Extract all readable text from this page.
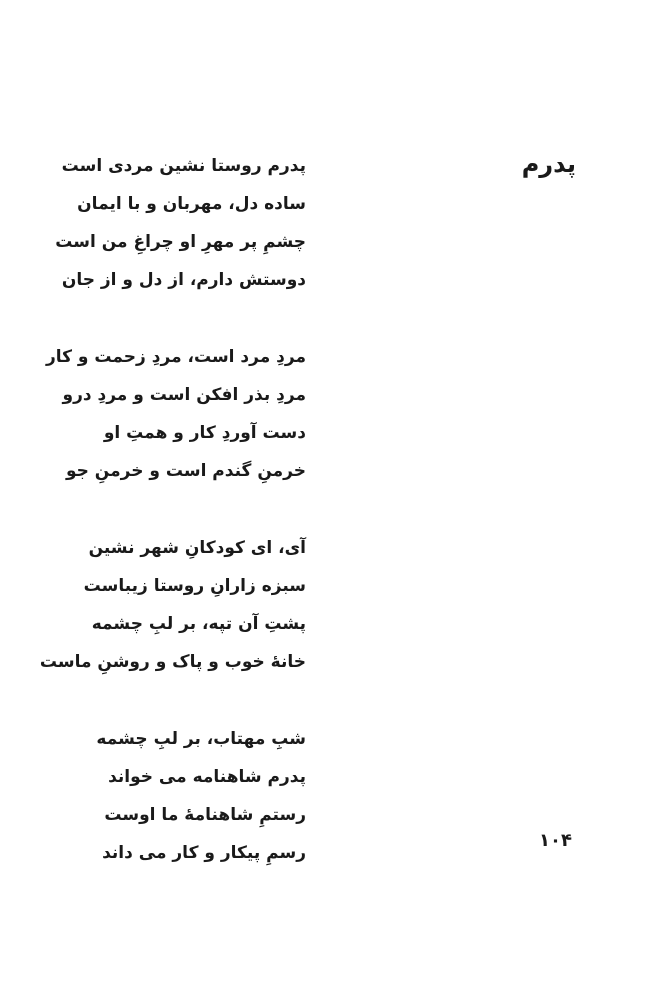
پدرم
پدرم روستا نشین مردی است
ساده دل، مهربان و با ایمان
چشمِ پر مهرِ او چراغِ من است
دوستش دارم، از دل و از جان
مردِ مرد است، مردِ زحمت و کار
مردِ بذر افکن است و مردِ درو
دست آوردِ کار و همتِ او
خرمنِ گندم است و خرمنِ جو
آی، ای کودکانِ شهر نشین
سبزه زارانِ روستا زیباست
پشتِ آن تپه، بر لبِ چشمه
خانهٔ خوب و پاک و روشنِ ماست
شبِ مهتاب، بر لبِ چشمه
پدرم شاهنامه می خواند
رستمِ شاهنامهٔ ما اوست
رسمِ پیکار و کار می داند
۱۰۴
